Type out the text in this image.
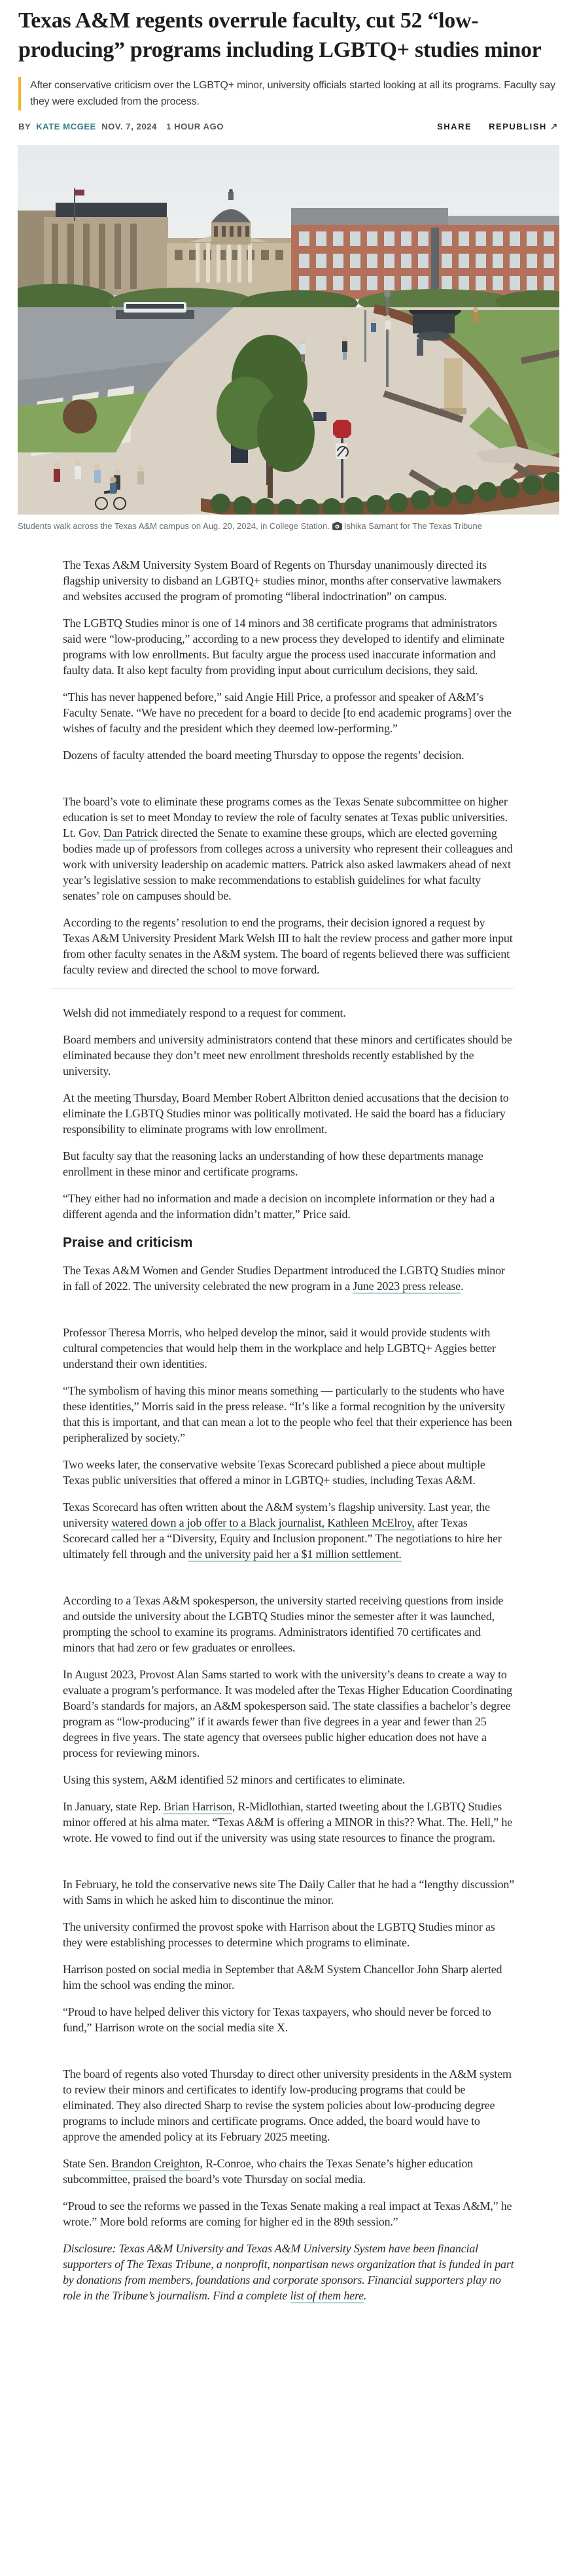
Texas A&M regents overrule faculty, cut 52 “low-producing” programs including LGBTQ+ studies minor

After conservative criticism over the LGBTQ+ minor, university officials started looking at all its programs. Faculty say they were excluded from the process.

BY KATE MCGEE NOV. 7, 2024 1 HOUR AGO	SHARE REPUBLISH ↗
Students walk across the Texas A&M campus on Aug. 20, 2024, in College Station. Ishika Samant for The Texas Tribune

The Texas A&M University System Board of Regents on Thursday unanimously directed its flagship university to disband an LGBTQ+ studies minor, months after conservative lawmakers and websites accused the program of promoting “liberal indoctrination” on campus.

The LGBTQ Studies minor is one of 14 minors and 38 certificate programs that administrators said were “low-producing,” according to a new process they developed to identify and eliminate programs with low enrollments. But faculty argue the process used inaccurate information and faulty data. It also kept faculty from providing input about curriculum decisions, they said.

“This has never happened before,” said Angie Hill Price, a professor and speaker of A&M’s Faculty Senate. “We have no precedent for a board to decide [to end academic programs] over the wishes of faculty and the president which they deemed low-performing.”

Dozens of faculty attended the board meeting Thursday to oppose the regents’ decision.

The board’s vote to eliminate these programs comes as the Texas Senate subcommittee on higher education is set to meet Monday to review the role of faculty senates at Texas public universities. Lt. Gov. Dan Patrick directed the Senate to examine these groups, which are elected governing bodies made up of professors from colleges across a university who represent their colleagues and work with university leadership on academic matters. Patrick also asked lawmakers ahead of next year’s legislative session to make recommendations to establish guidelines for what faculty senates’ role on campuses should be.

According to the regents’ resolution to end the programs, their decision ignored a request by Texas A&M University President Mark Welsh III to halt the review process and gather more input from other faculty senates in the A&M system. The board of regents believed there was sufficient faculty review and directed the school to move forward.

Welsh did not immediately respond to a request for comment.

Board members and university administrators contend that these minors and certificates should be eliminated because they don’t meet new enrollment thresholds recently established by the university.

At the meeting Thursday, Board Member Robert Albritton denied accusations that the decision to eliminate the LGBTQ Studies minor was politically motivated. He said the board has a fiduciary responsibility to eliminate programs with low enrollment.

But faculty say that the reasoning lacks an understanding of how these departments manage enrollment in these minor and certificate programs.

“They either had no information and made a decision on incomplete information or they had a different agenda and the information didn’t matter,” Price said.

Praise and criticism

The Texas A&M Women and Gender Studies Department introduced the LGBTQ Studies minor in fall of 2022. The university celebrated the new program in a June 2023 press release.

Professor Theresa Morris, who helped develop the minor, said it would provide students with cultural competencies that would help them in the workplace and help LGBTQ+ Aggies better understand their own identities.

“The symbolism of having this minor means something — particularly to the students who have these identities,” Morris said in the press release. “It’s like a formal recognition by the university that this is important, and that can mean a lot to the people who feel that their experience has been peripheralized by society.”

Two weeks later, the conservative website Texas Scorecard published a piece about multiple Texas public universities that offered a minor in LGBTQ+ studies, including Texas A&M.

Texas Scorecard has often written about the A&M system’s flagship university. Last year, the university watered down a job offer to a Black journalist, Kathleen McElroy, after Texas Scorecard called her a “Diversity, Equity and Inclusion proponent.” The negotiations to hire her ultimately fell through and the university paid her a $1 million settlement.

According to a Texas A&M spokesperson, the university started receiving questions from inside and outside the university about the LGBTQ Studies minor the semester after it was launched, prompting the school to examine its programs. Administrators identified 70 certificates and minors that had zero or few graduates or enrollees.

In August 2023, Provost Alan Sams started to work with the university’s deans to create a way to evaluate a program’s performance. It was modeled after the Texas Higher Education Coordinating Board’s standards for majors, an A&M spokesperson said. The state classifies a bachelor’s degree program as “low-producing” if it awards fewer than five degrees in a year and fewer than 25 degrees in five years. The state agency that oversees public higher education does not have a process for reviewing minors.

Using this system, A&M identified 52 minors and certificates to eliminate.

In January, state Rep. Brian Harrison, R-Midlothian, started tweeting about the LGBTQ Studies minor offered at his alma mater. “Texas A&M is offering a MINOR in this?? What. The. Hell,” he wrote. He vowed to find out if the university was using state resources to finance the program.

In February, he told the conservative news site The Daily Caller that he had a “lengthy discussion” with Sams in which he asked him to discontinue the minor.

The university confirmed the provost spoke with Harrison about the LGBTQ Studies minor as they were establishing processes to determine which programs to eliminate.

Harrison posted on social media in September that A&M System Chancellor John Sharp alerted him the school was ending the minor.

“Proud to have helped deliver this victory for Texas taxpayers, who should never be forced to fund,” Harrison wrote on the social media site X.

The board of regents also voted Thursday to direct other university presidents in the A&M system to review their minors and certificates to identify low-producing programs that could be eliminated. They also directed Sharp to revise the system policies about low-producing degree programs to include minors and certificate programs. Once added, the board would have to approve the amended policy at its February 2025 meeting.

State Sen. Brandon Creighton, R-Conroe, who chairs the Texas Senate’s higher education subcommittee, praised the board’s vote Thursday on social media.

“Proud to see the reforms we passed in the Texas Senate making a real impact at Texas A&M,” he wrote.” More bold reforms are coming for higher ed in the 89th session.”

Disclosure: Texas A&M University and Texas A&M University System have been financial supporters of The Texas Tribune, a nonprofit, nonpartisan news organization that is funded in part by donations from members, foundations and corporate sponsors. Financial supporters play no role in the Tribune’s journalism. Find a complete list of them here.
